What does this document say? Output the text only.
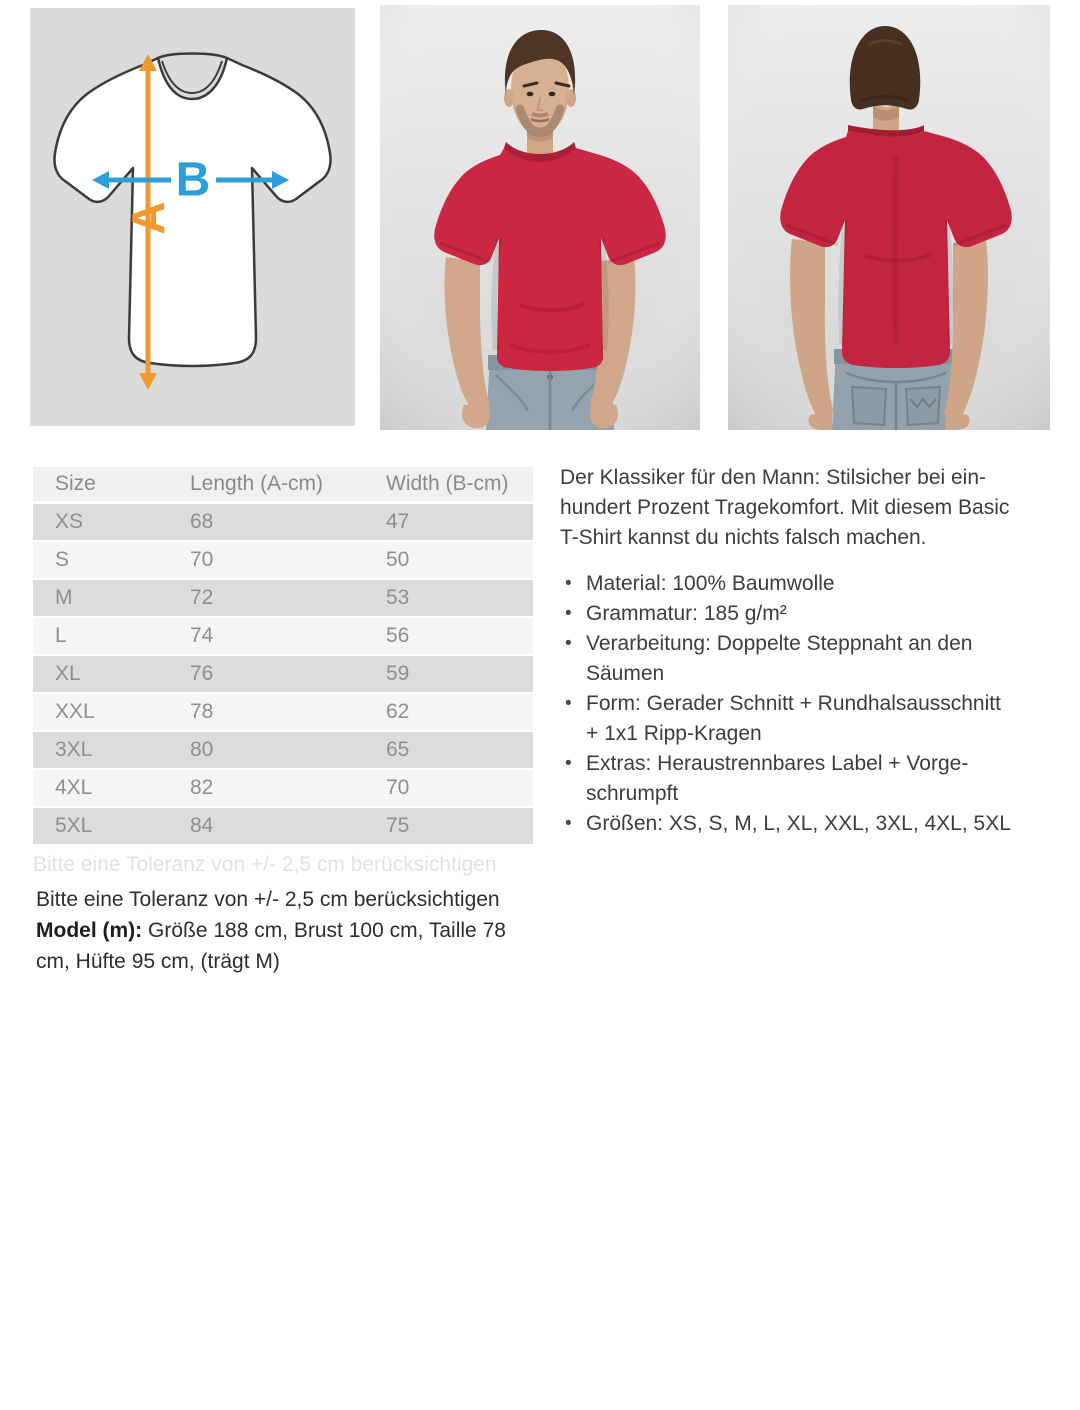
A
B
Size	Length (A-cm)	Width (B-cm)
XS	68	47
S	70	50
M	72	53
L	74	56
XL	76	59
XXL	78	62
3XL	80	65
4XL	82	70
5XL	84	75
Bitte eine Toleranz von +/- 2,5 cm berücksichtigen

Der Klassiker für den Mann: Stilsicher bei einhundert Prozent Tragekomfort. Mit diesem Basic T-Shirt kannst du nichts falsch machen.

• Material: 100% Baumwolle
• Grammatur: 185 g/m²
• Verarbeitung: Doppelte Steppnaht an den Säumen
• Form: Gerader Schnitt + Rundhalsausschnitt + 1x1 Ripp-Kragen
• Extras: Heraustrennbares Label + Vorgeschrumpft
• Größen: XS, S, M, L, XL, XXL, 3XL, 4XL, 5XL

Bitte eine Toleranz von +/- 2,5 cm berücksichtigen

Model (m): Größe 188 cm, Brust 100 cm, Taille 78 cm, Hüfte 95 cm, (trägt M)
